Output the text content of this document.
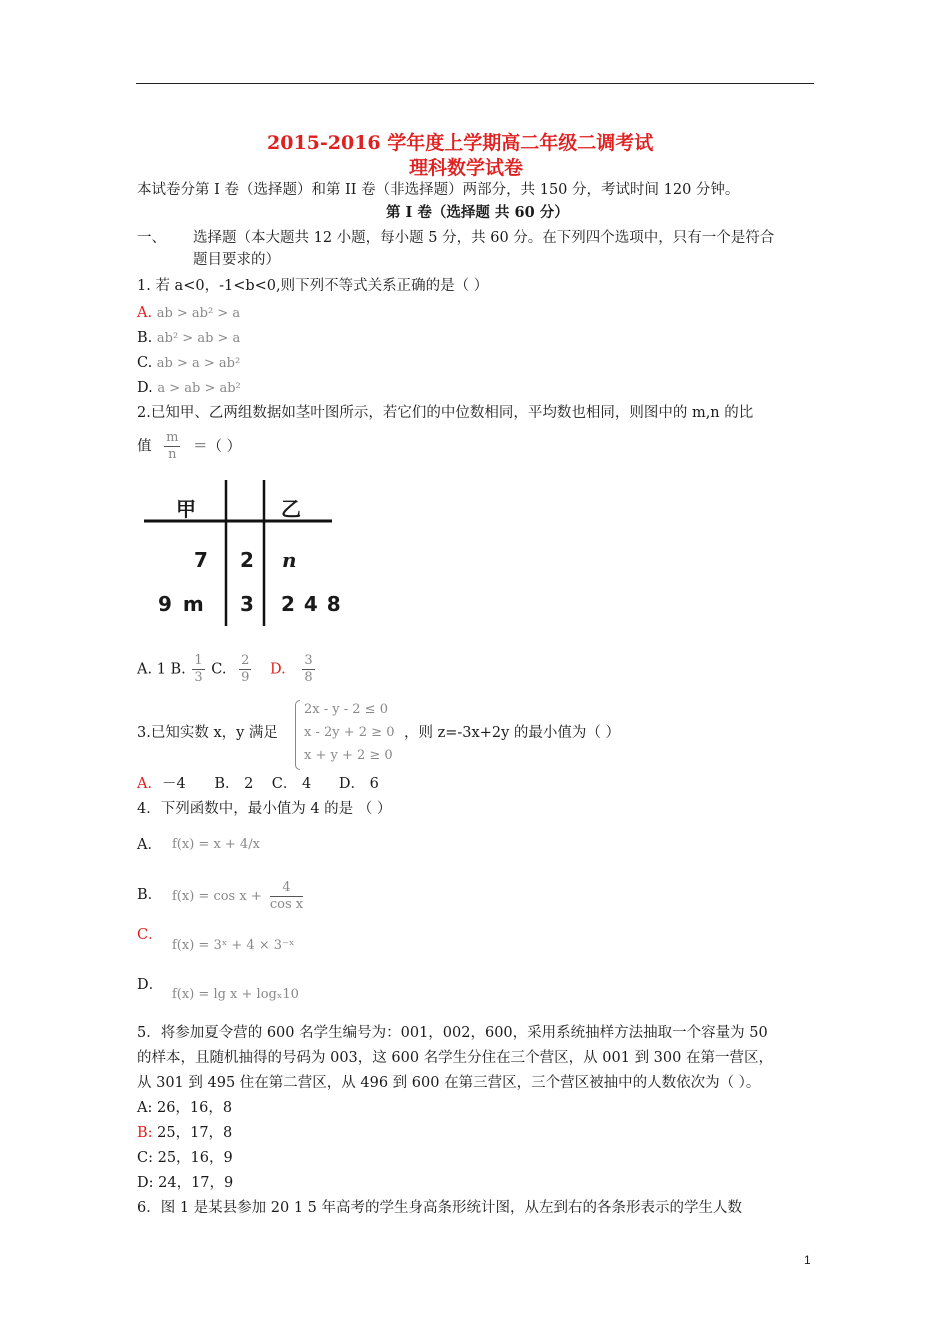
2015-2016 学年度上学期高二年级二调考试
理科数学试卷
本试卷分第 I 卷（选择题）和第 II 卷（非选择题）两部分，共 150 分，考试时间 120 分钟。
第 I 卷（选择题 共 60 分）
一、 选择题（本大题共 12 小题，每小题 5 分，共 60 分。在下列四个选项中，只有一个是符合
题目要求的）
1. 若 a<0，-1<b<0,则下列不等式关系正确的是（ ）
A. ab > ab² > a
B. ab² > ab > a
C. ab > a > ab²
D. a > ab > ab²
2.已知甲、乙两组数据如茎叶图所示，若它们的中位数相同，平均数也相同，则图中的 m,n 的比
值 $\frac{m}{n}$ ＝（ ）
甲	乙
7 2 n
9 m 3 2 4 8
A. 1 B. $\frac{1}{3} C$. $\frac{2}{9} D$. $\frac{3}{8}$
3.已知实数 x，y 满足
2x - y - 2 ≤ 0
x - 2y + 2 ≥ 0
x + y + 2 ≥ 0
，则 z=-3x+2y 的最小值为（ ）
A．－4 B． 2    C． 4      D． 6
4．下列函数中，最小值为 4 的是 （ ）
A． f(x) = x + 4/x
B． $f(x) = \cos x + \frac{4}{\text{cos x}}$
C．
f(x) = 3ˣ + 4 × 3⁻ˣ
D．
f(x) = lg x + logₓ10
5．将参加夏令营的 600 名学生编号为：001，002，600，采用系统抽样方法抽取一个容量为 50
的样本，且随机抽得的号码为 003，这 600 名学生分住在三个营区，从 001 到 300 在第一营区，
从 301 到 495 住在第二营区，从 496 到 600 在第三营区，三个营区被抽中的人数依次为（ ）。
A: 26，16，8
B: 25，17，8
C: 25，16，9
D: 24，17，9
6．图 1 是某县参加 20 1 5 年高考的学生身高条形统计图，从左到右的各条形表示的学生人数
1
